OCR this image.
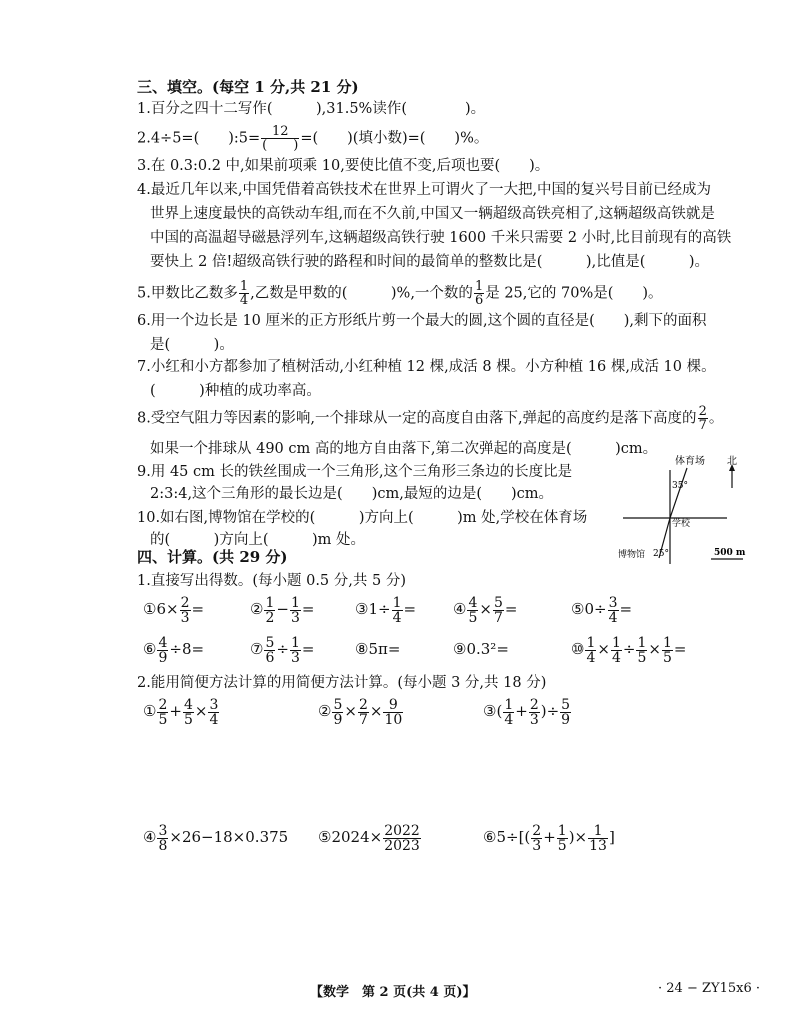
三、填空。(每空 1 分,共 21 分)
1.百分之四十二写作(　　　),31.5%读作(　　　　)。
2.4÷5=(　　):5= 12
(　　) =(　　)(填小数)=(　　)%。
3.在 0.3:0.2 中,如果前项乘 10,要使比值不变,后项也要(　　)。
4.最近几年以来,中国凭借着高铁技术在世界上可谓火了一大把,中国的复兴号目前已经成为
世界上速度最快的高铁动车组,而在不久前,中国又一辆超级高铁亮相了,这辆超级高铁就是
中国的高温超导磁悬浮列车,这辆超级高铁行驶 1600 千米只需要 2 小时,比目前现有的高铁
要快上 2 倍!超级高铁行驶的路程和时间的最简单的整数比是(　　　),比值是(　　　)。
5.甲数比乙数多 $\frac{1}{4}$ ,乙数是甲数的(　　　)%,一个数的 $\frac{1}{6}$ 是 25,它的 70%是(　　)。
6.用一个边长是 10 厘米的正方形纸片剪一个最大的圆,这个圆的直径是(　　),剩下的面积
是(　　　)。
7.小红和小方都参加了植树活动,小红种植 12 棵,成活 8 棵。小方种植 16 棵,成活 10 棵。
(　　　)种植的成功率高。
8.受空气阻力等因素的影响,一个排球从一定的高度自由落下,弹起的高度约是落下高度的 $\frac{2}{7}$ 。
如果一个排球从 490 cm 高的地方自由落下,第二次弹起的高度是(　　　)cm。
9.用 45 cm 长的铁丝围成一个三角形,这个三角形三条边的长度比是
2:3:4,这个三角形的最长边是(　　)cm,最短的边是(　　)cm。
10.如右图,博物馆在学校的(　　　)方向上(　　　)m 处,学校在体育场
的(　　　)方向上(　　　)m 处。
体育场 北
35°
学校
博物馆 25°	500 m
四、计算。(共 29 分)
1.直接写出得数。(每小题 0.5 分,共 5 分)
①6× $\frac{2}{3}$ =	② $\frac{1}{2} - \frac{1}{3}$ =	③1÷ $\frac{1}{4}$ = ④ $\frac{4}{5} \times \frac{5}{7}$ =	⑤0÷ $\frac{3}{4}$ =
⑥ $\frac{4}{9} \div 8=$	⑦ $\frac{5}{6} \div \frac{1}{3}$ =	⑧5π=	⑨0.3²=	⑩ $\frac{1}{4} \times \frac{1}{4} \div \frac{1}{5} \times \frac{1}{5}$ =
2.能用简便方法计算的用简便方法计算。(每小题 3 分,共 18 分)
① $\frac{2}{5} + \frac{4}{5} \times \frac{3}{4}$	② $\frac{5}{9} \times \frac{2}{7} \times \frac{9}{10}$	③( $\frac{1}{4} + \frac{2}{3}$ )÷ $\frac{5}{9}$
④ $\frac{3}{8} \times 26-18\times 0.375$ ⑤2024× $\frac{2022}{2023}$	⑥5÷[( $\frac{2}{3} + \frac{1}{5}$ )× $\frac{1}{13}$ ]
【数学　第 2 页(共 4 页)】	· 24 − ZY15x6 ·
